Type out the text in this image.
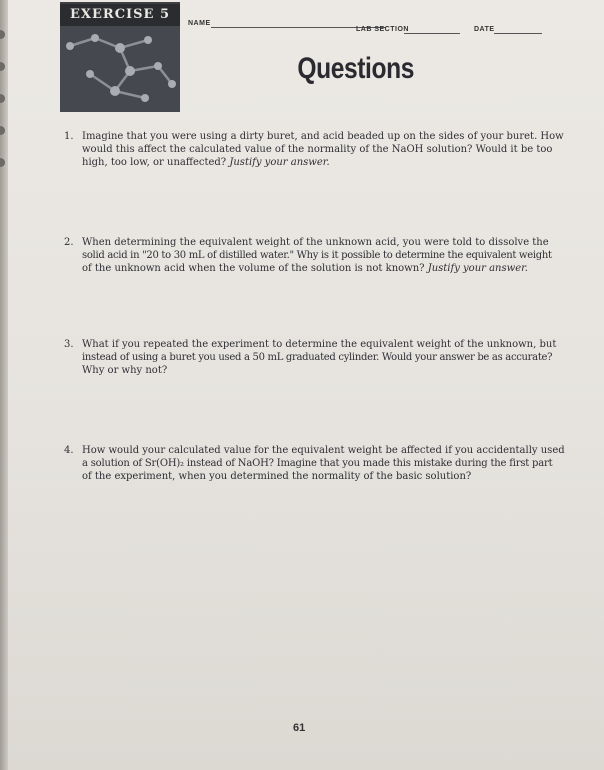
EXERCISE 5
NAME
LAB SECTION	DATE
Questions
1. Imagine that you were using a dirty buret, and acid beaded up on the sides of your buret. How
would this affect the calculated value of the normality of the NaOH solution? Would it be too
high, too low, or unaffected? Justify your answer.
2. When determining the equivalent weight of the unknown acid, you were told to dissolve the
solid acid in "20 to 30 mL of distilled water." Why is it possible to determine the equivalent weight
of the unknown acid when the volume of the solution is not known? Justify your answer.
3. What if you repeated the experiment to determine the equivalent weight of the unknown, but
instead of using a buret you used a 50 mL graduated cylinder. Would your answer be as accurate?
Why or why not?
4. How would your calculated value for the equivalent weight be affected if you accidentally used
a solution of Sr(OH)₂ instead of NaOH? Imagine that you made this mistake during the first part
of the experiment, when you determined the normality of the basic solution?
61
